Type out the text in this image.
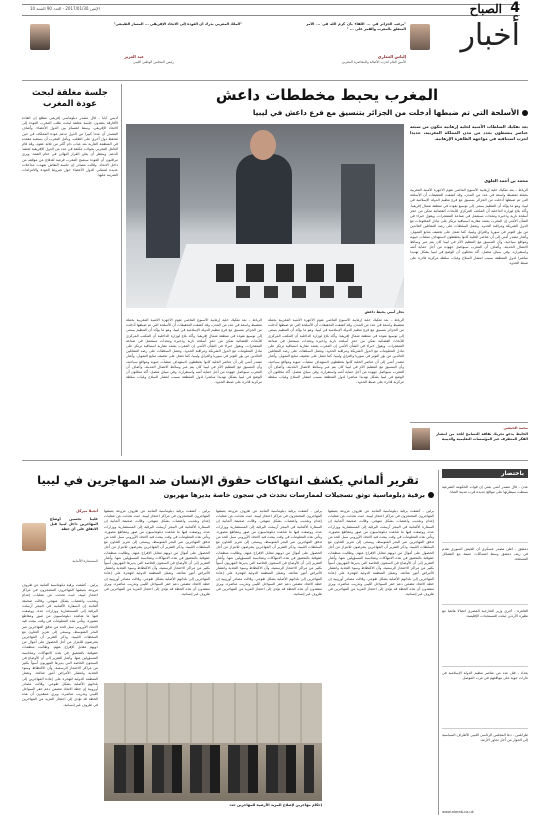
الإثنين 2017/01/30 - العدد 90 السنة 10	الصباح 4
أخبار
"يرغب الجزائر في ... اللقاء بأن كرم الله في ... الأمر المتعلق بالمغرب والقمر على ... "
إلياس العماري
الأمين العام لحزب الأصالة والمعاصرة المغربي
"الملك المغربي يدرك أن العودة إلى الاتحاد الإفريقي ... المسار الطبيعي"
عبد العزيز
رئيس المجلس الوطني الليبي
جلسة مغلقة لبحث عودة المغرب
أديس أبابا - قال مصدر دبلوماسي إفريقي مطلع إن القادة الأفارقة يعقدون جلسة مغلقة لبحث طلب المغرب العودة إلى الاتحاد الإفريقي، وسط انقسام بين الدول الأعضاء. وأضاف المصدر أن عددا كبيرا من الدول تدعم عودة المملكة، في حين تتحفظ دول أخرى على الطلب. ويأمل المغرب أن يستعيد مقعده في المنظمة القارية بعد غياب دام أكثر من ثلاثة عقود، وقد قام العاهل المغربي بجولات مكثفة في عدد من الدول الإفريقية لحشد الدعم. وينتظر أن يعلن القرار النهائي في ختام القمة. ويرى مراقبون أن العودة ستمنح المغرب فرصة للدفاع عن موقفه من داخل الاتحاد. وقالت مصادر إن جلسة النقاش شهدت مداخلات عديدة لممثلي الدول الأعضاء حول شروط العودة والالتزامات المترتبة عليها.
المغرب يحبط مخططات داعش
الأسلحة التي تم ضبطها أدخلت من الجزائر بتنسيق مع فرع داعش في ليبيا
يعد تفكيك السلطات الأمنية لخلية إرهابية تتكون من سبعة عناصر ينشطون بعدد من مدن المملكة المغربية، جديدا لحرب استباقية في مواجهة الظاهرة الإرهابية.
محمد بن أحمد العلوي
الرباط – بعد تفكيك خلية إرهابية الأسبوع الماضي تقوم الأجهزة الأمنية المغربية بحملة تمشيط واسعة في عدد من المدن، وقد كشفت التحقيقات أن الأسلحة التي تم ضبطها أدخلت من الجزائر بتنسيق مع فرع تنظيم الدولة الإسلامية في ليبيا، وهو ما يؤكد أن التنظيم يسعى إلى توسيع نفوذه في منطقة شمال إفريقيا. وأكد بلاغ لوزارة الداخلية أن المكتب المركزي للأبحاث القضائية تمكن من حجز أسلحة نارية وذخيرة ومعدات تستعمل في صناعة المتفجرات. ويقول خبراء في الشأن الأمني إن المغرب يعتمد مقاربة استباقية ترتكز على تبادل المعلومات مع الدول الشريكة ومراقبة الحدود. وتعمل السلطات على رصد المقاتلين العائدين من بؤر التوتر في سوريا والعراق وليبيا، كما تعمل على تجفيف منابع التمويل. وأشار مصدر أمني إلى أن عناصر الخلية كانوا يخططون لاستهداف منشآت حيوية ومواقع سياحية، وأن التنسيق مع التنظيم الأم في ليبيا كان يتم عبر وسائط الاتصال الحديثة. وأضاف أن المغرب سيواصل جهوده من أجل حماية أمنه واستقراره. وفي سياق متصل، أكد محللون أن الوضع في ليبيا يشكل تهديدا مباشرا لدول المنطقة بسبب انتشار السلاح وغياب سلطة مركزية قادرة على ضبط الحدود.
محمد الحبشي
الخليط يدعو تحريك ثقافة التسامح للحد من انتشار الفكر المتطرف عبر المؤسسات التعليمية والدينية
تجار أمني يحبط داعش
الرباط – بعد تفكيك خلية إرهابية الأسبوع الماضي تقوم الأجهزة الأمنية المغربية بحملة تمشيط واسعة في عدد من المدن، وقد كشفت التحقيقات أن الأسلحة التي تم ضبطها أدخلت من الجزائر بتنسيق مع فرع تنظيم الدولة الإسلامية في ليبيا، وهو ما يؤكد أن التنظيم يسعى إلى توسيع نفوذه في منطقة شمال إفريقيا. وأكد بلاغ لوزارة الداخلية أن المكتب المركزي للأبحاث القضائية تمكن من حجز أسلحة نارية وذخيرة ومعدات تستعمل في صناعة المتفجرات. ويقول خبراء في الشأن الأمني إن المغرب يعتمد مقاربة استباقية ترتكز على تبادل المعلومات مع الدول الشريكة ومراقبة الحدود. وتعمل السلطات على رصد المقاتلين العائدين من بؤر التوتر في سوريا والعراق وليبيا، كما تعمل على تجفيف منابع التمويل. وأشار مصدر أمني إلى أن عناصر الخلية كانوا يخططون لاستهداف منشآت حيوية ومواقع سياحية، وأن التنسيق مع التنظيم الأم في ليبيا كان يتم عبر وسائط الاتصال الحديثة. وأضاف أن المغرب سيواصل جهوده من أجل حماية أمنه واستقراره. وفي سياق متصل، أكد محللون أن الوضع في ليبيا يشكل تهديدا مباشرا لدول المنطقة بسبب انتشار السلاح وغياب سلطة مركزية قادرة على ضبط الحدود.
الرباط – بعد تفكيك خلية إرهابية الأسبوع الماضي تقوم الأجهزة الأمنية المغربية بحملة تمشيط واسعة في عدد من المدن، وقد كشفت التحقيقات أن الأسلحة التي تم ضبطها أدخلت من الجزائر بتنسيق مع فرع تنظيم الدولة الإسلامية في ليبيا، وهو ما يؤكد أن التنظيم يسعى إلى توسيع نفوذه في منطقة شمال إفريقيا. وأكد بلاغ لوزارة الداخلية أن المكتب المركزي للأبحاث القضائية تمكن من حجز أسلحة نارية وذخيرة ومعدات تستعمل في صناعة المتفجرات. ويقول خبراء في الشأن الأمني إن المغرب يعتمد مقاربة استباقية ترتكز على تبادل المعلومات مع الدول الشريكة ومراقبة الحدود. وتعمل السلطات على رصد المقاتلين العائدين من بؤر التوتر في سوريا والعراق وليبيا، كما تعمل على تجفيف منابع التمويل. وأشار مصدر أمني إلى أن عناصر الخلية كانوا يخططون لاستهداف منشآت حيوية ومواقع سياحية، وأن التنسيق مع التنظيم الأم في ليبيا كان يتم عبر وسائط الاتصال الحديثة. وأضاف أن المغرب سيواصل جهوده من أجل حماية أمنه واستقراره. وفي سياق متصل، أكد محللون أن الوضع في ليبيا يشكل تهديدا مباشرا لدول المنطقة بسبب انتشار السلاح وغياب سلطة مركزية قادرة على ضبط الحدود.
تقرير ألماني يكشف انتهاكات حقوق الإنسان ضد المهاجرين في ليبيا
برقية دبلوماسية توثق تسجيلات لممارسات تحدث في سجون خاصة يديرها مهربون
أنجيلا ميركل
علينا تحسين أوضاع المهاجرين داخل ليبيا قبل الاتفاق على أي خطة
المستشارة الألمانية
برلين - كشفت برقية دبلوماسية ألمانية عن ظروف مروعة يعيشها المهاجرون المحتجزون في مراكز احتجاز ليبية، حيث تحدثت عن عمليات إعدام وتعذيب واغتصاب بشكل منهجي. وقالت صحيفة ألمانية إن السفارة الألمانية في النيجر أرسلت البرقية إلى المستشارية ووزارات عدة، ووصفت فيها ما شاهده دبلوماسيون من صور ومقاطع مصورة. وتأتي هذه المعلومات في وقت يبحث فيه الاتحاد الأوروبي سبل الحد من تدفق المهاجرين عبر البحر المتوسط، ويسعى إلى تعزيز التعاون مع السلطات الليبية. وذكر التقرير أن المهاجرين يتعرضون للابتزاز من أجل الحصول على أموال من ذويهم مقابل الإفراج عنهم. وطالبت منظمات حقوقية بالتحقيق في هذه الانتهاكات ومحاسبة المسؤولين عنها. وأشار التقرير إلى أن الأوضاع في السجون الخاصة التي يديرها المهربون أسوأ بكثير من مراكز الاحتجاز الرسمية، وأن الاكتظاظ وسوء التغذية وانتشار الأمراض أمور شائعة. وتعمل المنظمة الدولية للهجرة على إعادة المهاجرين إلى بلدانهم الأصلية بشكل طوعي. وقالت مصادر أوروبية إن خطة الاتحاد تتضمن دعم خفر السواحل الليبي وتدريب عناصره. ويرى منتقدون أن هذه الخطة قد تؤدي إلى احتجاز المزيد من المهاجرين في ظروف غير إنسانية.
برلين - كشفت برقية دبلوماسية ألمانية عن ظروف مروعة يعيشها المهاجرون المحتجزون في مراكز احتجاز ليبية، حيث تحدثت عن عمليات إعدام وتعذيب واغتصاب بشكل منهجي. وقالت صحيفة ألمانية إن السفارة الألمانية في النيجر أرسلت البرقية إلى المستشارية ووزارات عدة، ووصفت فيها ما شاهده دبلوماسيون من صور ومقاطع مصورة. وتأتي هذه المعلومات في وقت يبحث فيه الاتحاد الأوروبي سبل الحد من تدفق المهاجرين عبر البحر المتوسط، ويسعى إلى تعزيز التعاون مع السلطات الليبية. وذكر التقرير أن المهاجرين يتعرضون للابتزاز من أجل الحصول على أموال من ذويهم مقابل الإفراج عنهم. وطالبت منظمات حقوقية بالتحقيق في هذه الانتهاكات ومحاسبة المسؤولين عنها. وأشار التقرير إلى أن الأوضاع في السجون الخاصة التي يديرها المهربون أسوأ بكثير من مراكز الاحتجاز الرسمية، وأن الاكتظاظ وسوء التغذية وانتشار الأمراض أمور شائعة. وتعمل المنظمة الدولية للهجرة على إعادة المهاجرين إلى بلدانهم الأصلية بشكل طوعي. وقالت مصادر أوروبية إن خطة الاتحاد تتضمن دعم خفر السواحل الليبي وتدريب عناصره. ويرى منتقدون أن هذه الخطة قد تؤدي إلى احتجاز المزيد من المهاجرين في ظروف غير إنسانية.
برلين - كشفت برقية دبلوماسية ألمانية عن ظروف مروعة يعيشها المهاجرون المحتجزون في مراكز احتجاز ليبية، حيث تحدثت عن عمليات إعدام وتعذيب واغتصاب بشكل منهجي. وقالت صحيفة ألمانية إن السفارة الألمانية في النيجر أرسلت البرقية إلى المستشارية ووزارات عدة، ووصفت فيها ما شاهده دبلوماسيون من صور ومقاطع مصورة. وتأتي هذه المعلومات في وقت يبحث فيه الاتحاد الأوروبي سبل الحد من تدفق المهاجرين عبر البحر المتوسط، ويسعى إلى تعزيز التعاون مع السلطات الليبية. وذكر التقرير أن المهاجرين يتعرضون للابتزاز من أجل الحصول على أموال من ذويهم مقابل الإفراج عنهم. وطالبت منظمات حقوقية بالتحقيق في هذه الانتهاكات ومحاسبة المسؤولين عنها. وأشار التقرير إلى أن الأوضاع في السجون الخاصة التي يديرها المهربون أسوأ بكثير من مراكز الاحتجاز الرسمية، وأن الاكتظاظ وسوء التغذية وانتشار الأمراض أمور شائعة. وتعمل المنظمة الدولية للهجرة على إعادة المهاجرين إلى بلدانهم الأصلية بشكل طوعي. وقالت مصادر أوروبية إن خطة الاتحاد تتضمن دعم خفر السواحل الليبي وتدريب عناصره. ويرى منتقدون أن هذه الخطة قد تؤدي إلى احتجاز المزيد من المهاجرين في ظروف غير إنسانية.
برلين - كشفت برقية دبلوماسية ألمانية عن ظروف مروعة يعيشها المهاجرون المحتجزون في مراكز احتجاز ليبية، حيث تحدثت عن عمليات إعدام وتعذيب واغتصاب بشكل منهجي. وقالت صحيفة ألمانية إن السفارة الألمانية في النيجر أرسلت البرقية إلى المستشارية ووزارات عدة، ووصفت فيها ما شاهده دبلوماسيون من صور ومقاطع مصورة. وتأتي هذه المعلومات في وقت يبحث فيه الاتحاد الأوروبي سبل الحد من تدفق المهاجرين عبر البحر المتوسط، ويسعى إلى تعزيز التعاون مع السلطات الليبية. وذكر التقرير أن المهاجرين يتعرضون للابتزاز من أجل الحصول على أموال من ذويهم مقابل الإفراج عنهم. وطالبت منظمات حقوقية بالتحقيق في هذه الانتهاكات ومحاسبة المسؤولين عنها. وأشار التقرير إلى أن الأوضاع في السجون الخاصة التي يديرها المهربون أسوأ بكثير من مراكز الاحتجاز الرسمية، وأن الاكتظاظ وسوء التغذية وانتشار الأمراض أمور شائعة. وتعمل المنظمة الدولية للهجرة على إعادة المهاجرين إلى بلدانهم الأصلية بشكل طوعي. وقالت مصادر أوروبية إن خطة الاتحاد تتضمن دعم خفر السواحل الليبي وتدريب عناصره. ويرى منتقدون أن هذه الخطة قد تؤدي إلى احتجاز المزيد من المهاجرين في ظروف غير إنسانية.
إحكام مهاجرين لإصلاح المزيد الأرضية للمهاجرين جدد
باختصار
عدن - قال مصدر أمني يمني إن قوات الحكومة الشرعية بسطت سيطرتها على مواقع جديدة قرب مدينة المخا.
دمشق - أعلن مصدر عسكري أن الجيش السوري تقدم في ريف دمشق وسط اشتباكات عنيفة مع الفصائل المسلحة.
القاهرة - أجرى وزير الخارجية المصري اتصالا هاتفيا مع نظيره الأردني لبحث المستجدات الإقليمية.
بغداد - قتل عدد من عناصر تنظيم الدولة الإسلامية في غارات جوية على مواقعهم في غرب الموصل.
طرابلس - دعا المجلس الرئاسي الليبي الأطراف السياسية إلى الحوار من أجل تجاوز الأزمة.
www.alarab.co.uk
